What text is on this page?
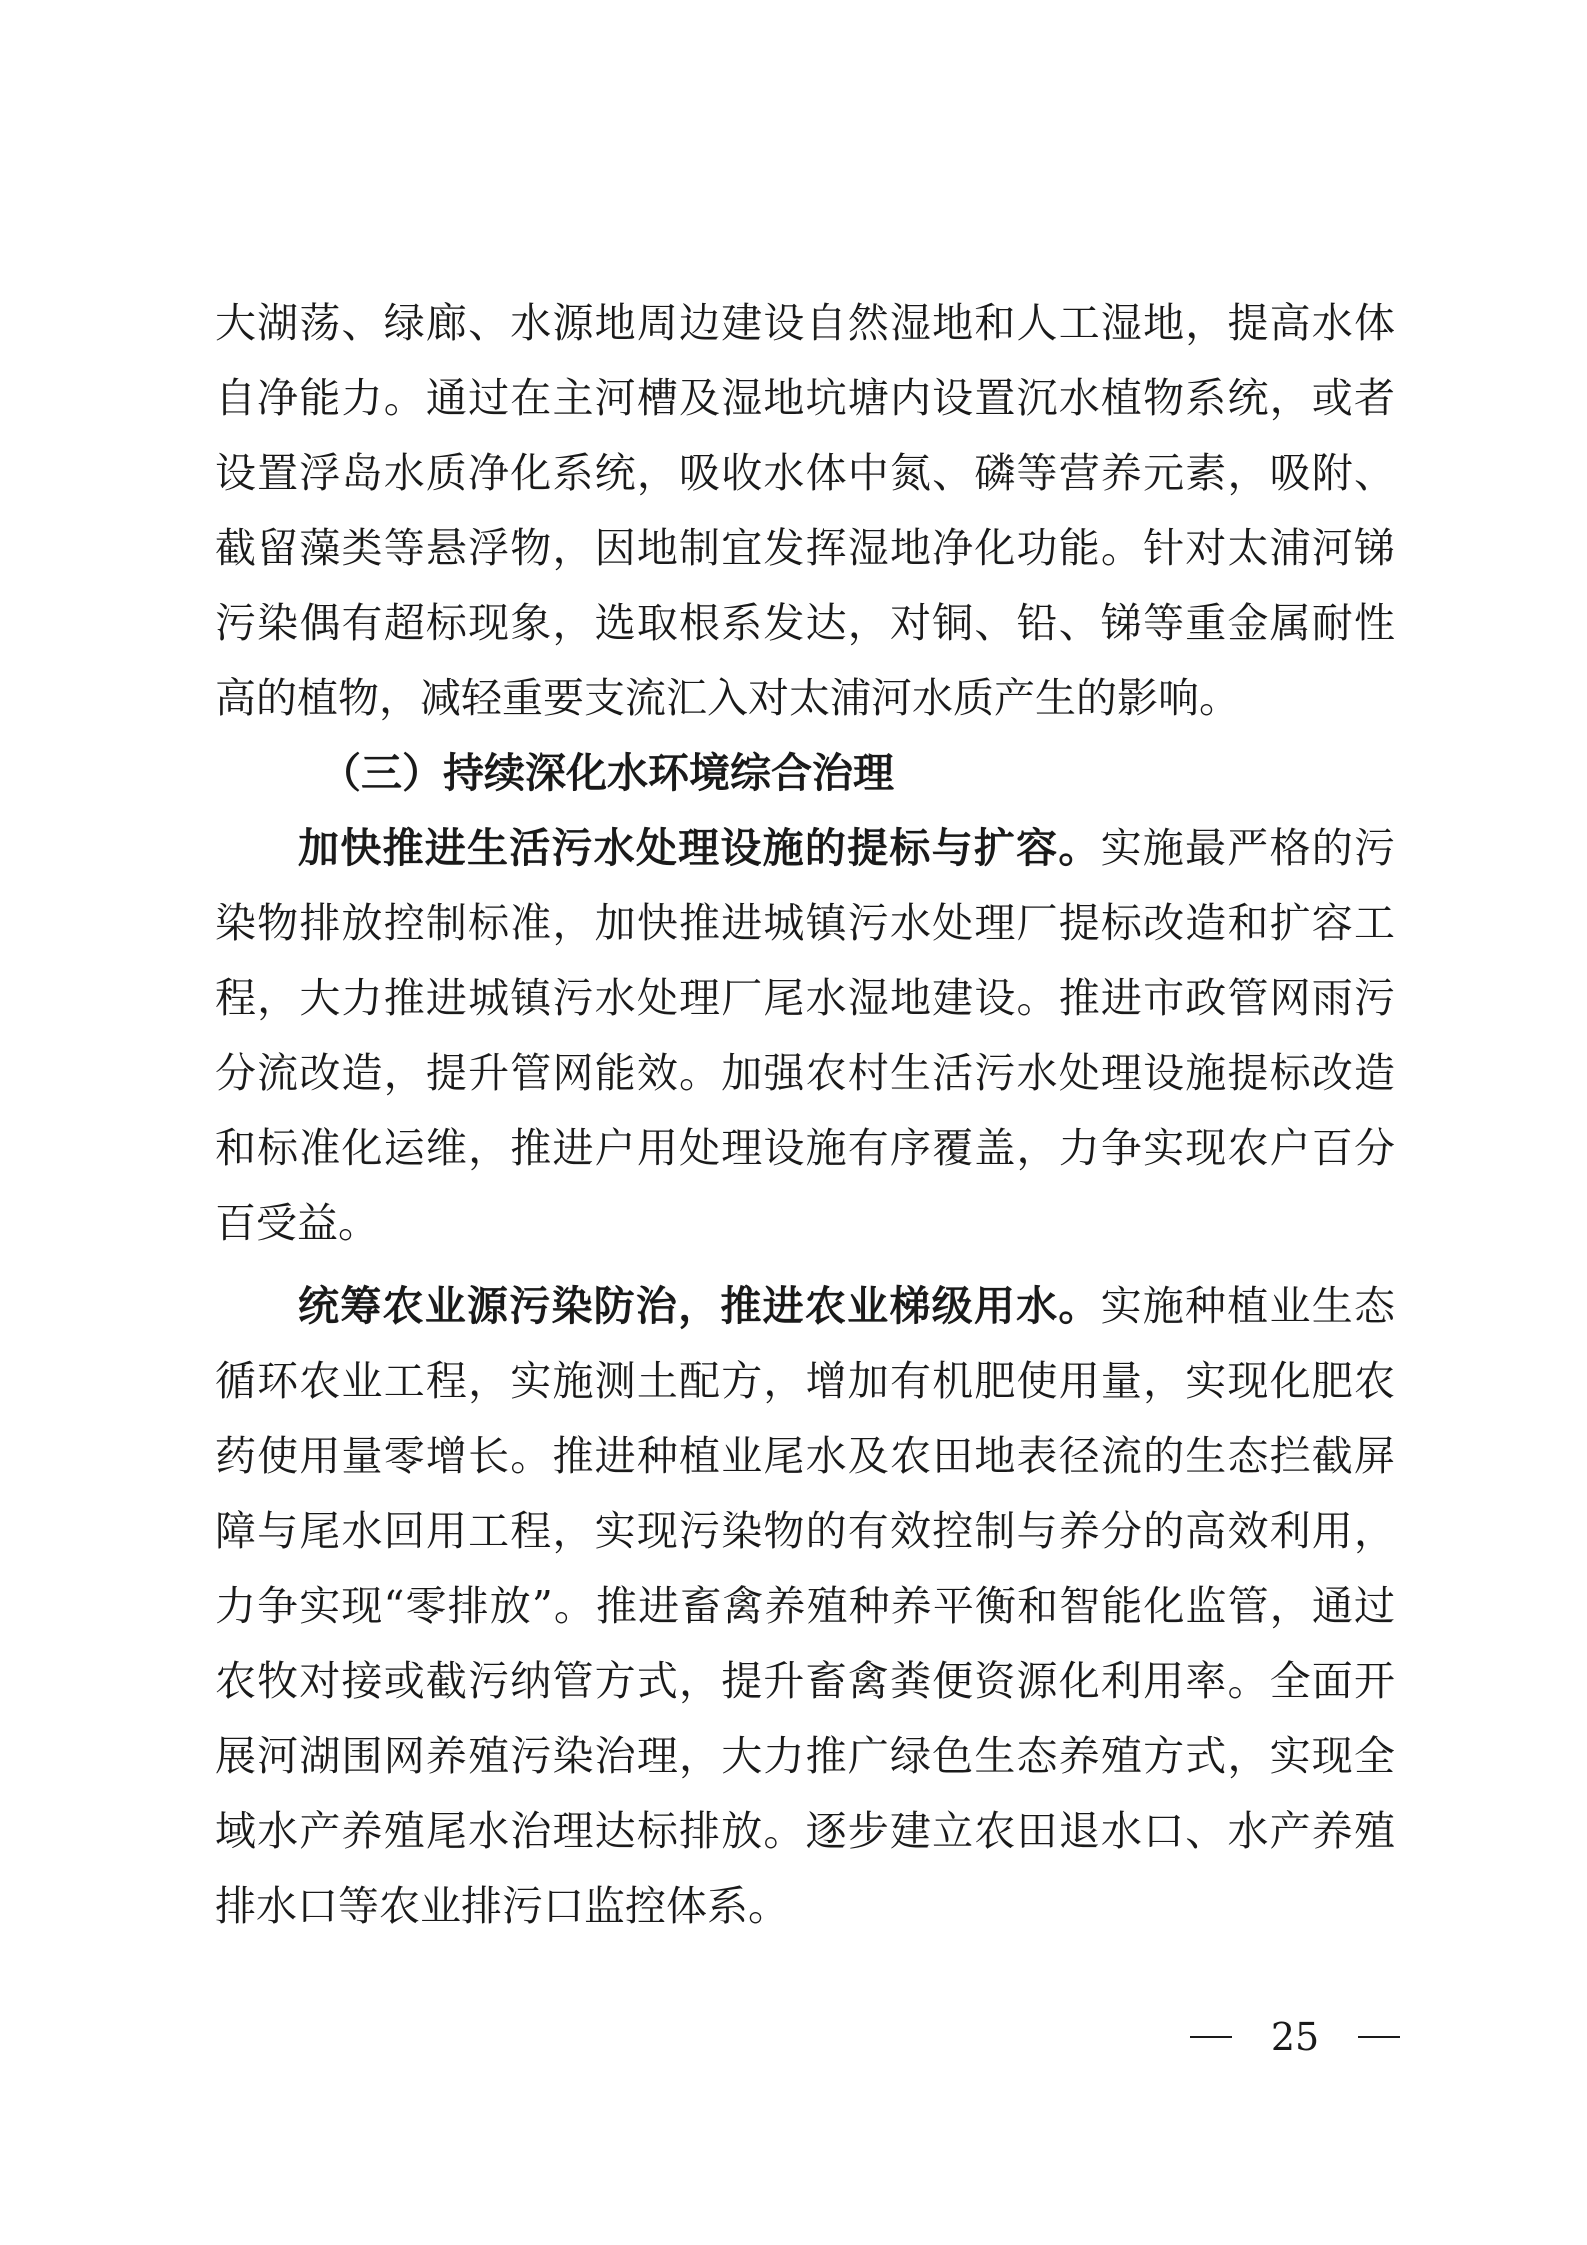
大湖荡、绿廊、水源地周边建设自然湿地和人工湿地，提高水体
自净能力。通过在主河槽及湿地坑塘内设置沉水植物系统，或者
设置浮岛水质净化系统，吸收水体中氮、磷等营养元素，吸附、
截留藻类等悬浮物，因地制宜发挥湿地净化功能。针对太浦河锑
污染偶有超标现象，选取根系发达，对铜、铅、锑等重金属耐性
高的植物，减轻重要支流汇入对太浦河水质产生的影响。
（三）持续深化水环境综合治理
加快推进生活污水处理设施的提标与扩容。实施最严格的污
染物排放控制标准，加快推进城镇污水处理厂提标改造和扩容工
程，大力推进城镇污水处理厂尾水湿地建设。推进市政管网雨污
分流改造，提升管网能效。加强农村生活污水处理设施提标改造
和标准化运维，推进户用处理设施有序覆盖，力争实现农户百分
百受益。
统筹农业源污染防治，推进农业梯级用水。实施种植业生态
循环农业工程，实施测土配方，增加有机肥使用量，实现化肥农
药使用量零增长。推进种植业尾水及农田地表径流的生态拦截屏
障与尾水回用工程，实现污染物的有效控制与养分的高效利用，
力争实现“零排放”。推进畜禽养殖种养平衡和智能化监管，通过
农牧对接或截污纳管方式，提升畜禽粪便资源化利用率。全面开
展河湖围网养殖污染治理，大力推广绿色生态养殖方式，实现全
域水产养殖尾水治理达标排放。逐步建立农田退水口、水产养殖
排水口等农业排污口监控体系。
25
